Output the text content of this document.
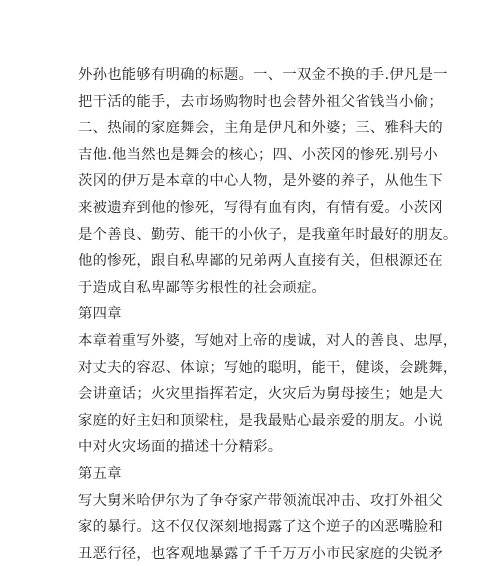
外孙也能够有明确的标题。一、一双金不换的手.伊凡是一
把干活的能手，去市场购物时也会替外祖父省钱当小偷；
二、热闹的家庭舞会，主角是伊凡和外婆；三、雅科夫的
吉他.他当然也是舞会的核心；四、小茨冈的惨死.别号小
茨冈的伊万是本章的中心人物，是外婆的养子，从他生下
来被遗弃到他的惨死，写得有血有肉，有情有爱。小茨冈
是个善良、勤劳、能干的小伙子，是我童年时最好的朋友。
他的惨死，跟自私卑鄙的兄弟两人直接有关，但根源还在
于造成自私卑鄙等劣根性的社会顽症。
第四章
本章着重写外婆，写她对上帝的虔诚，对人的善良、忠厚，
对丈夫的容忍、体谅；写她的聪明，能干，健谈，会跳舞，
会讲童话；火灾里指挥若定，火灾后为舅母接生；她是大
家庭的好主妇和顶梁柱，是我最贴心最亲爱的朋友。小说
中对火灾场面的描述十分精彩。
第五章
写大舅米哈伊尔为了争夺家产带领流氓冲击、攻打外祖父
家的暴行。这不仅仅深刻地揭露了这个逆子的凶恶嘴脸和
丑恶行径，也客观地暴露了千千万万小市民家庭的尖锐矛
